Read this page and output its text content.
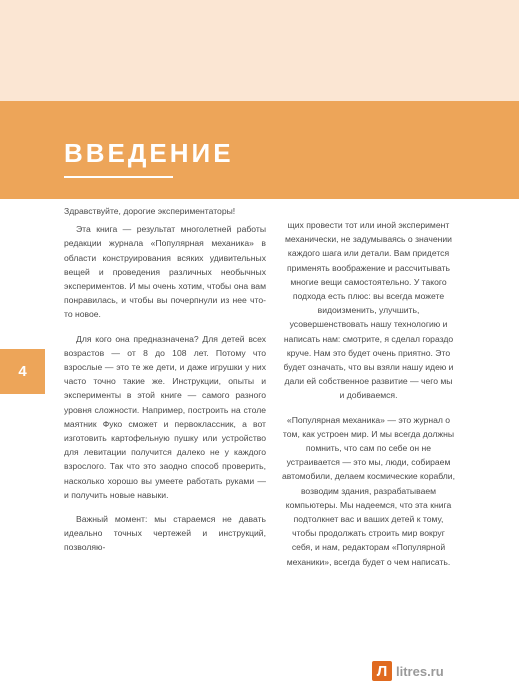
ВВЕДЕНИЕ
4

Здравствуйте, дорогие экспериментаторы!

Эта книга — результат многолетней работы редакции журнала «Популярная механика» в области конструирования всяких удивительных вещей и проведения различных необычных экспериментов. И мы очень хотим, чтобы она вам понравилась, и чтобы вы почерпнули из нее что-то новое.

Для кого она предназначена? Для детей всех возрастов — от 8 до 108 лет. Потому что взрослые — это те же дети, и даже игрушки у них часто точно такие же. Инструкции, опыты и эксперименты в этой книге — самого разного уровня сложности. Например, построить на столе маятник Фуко сможет и первоклассник, а вот изготовить картофельную пушку или устройство для левитации получится далеко не у каждого взрослого. Так что это заодно способ проверить, насколько хорошо вы умеете работать руками — и получить новые навыки.

Важный момент: мы стараемся не давать идеально точных чертежей и инструкций, позволяю-

щих провести тот или иной эксперимент механически, не задумываясь о значении каждого шага или детали. Вам придется применять воображение и рассчитывать многие вещи самостоятельно. У такого подхода есть плюс: вы всегда можете видоизменить, улучшить, усовершенствовать нашу технологию и написать нам: смотрите, я сделал гораздо круче. Нам это будет очень приятно. Это будет означать, что вы взяли нашу идею и дали ей собственное развитие — чего мы и добиваемся.

«Популярная механика» — это журнал о том, как устроен мир. И мы всегда должны помнить, что сам по себе он не устраивается — это мы, люди, собираем автомобили, делаем космические корабли, возводим здания, разрабатываем компьютеры. Мы надеемся, что эта книга подтолкнет вас и ваших детей к тому, чтобы продолжать строить мир вокруг себя, и нам, редакторам «Популярной механики», всегда будет о чем написать.

Л litres.ru
